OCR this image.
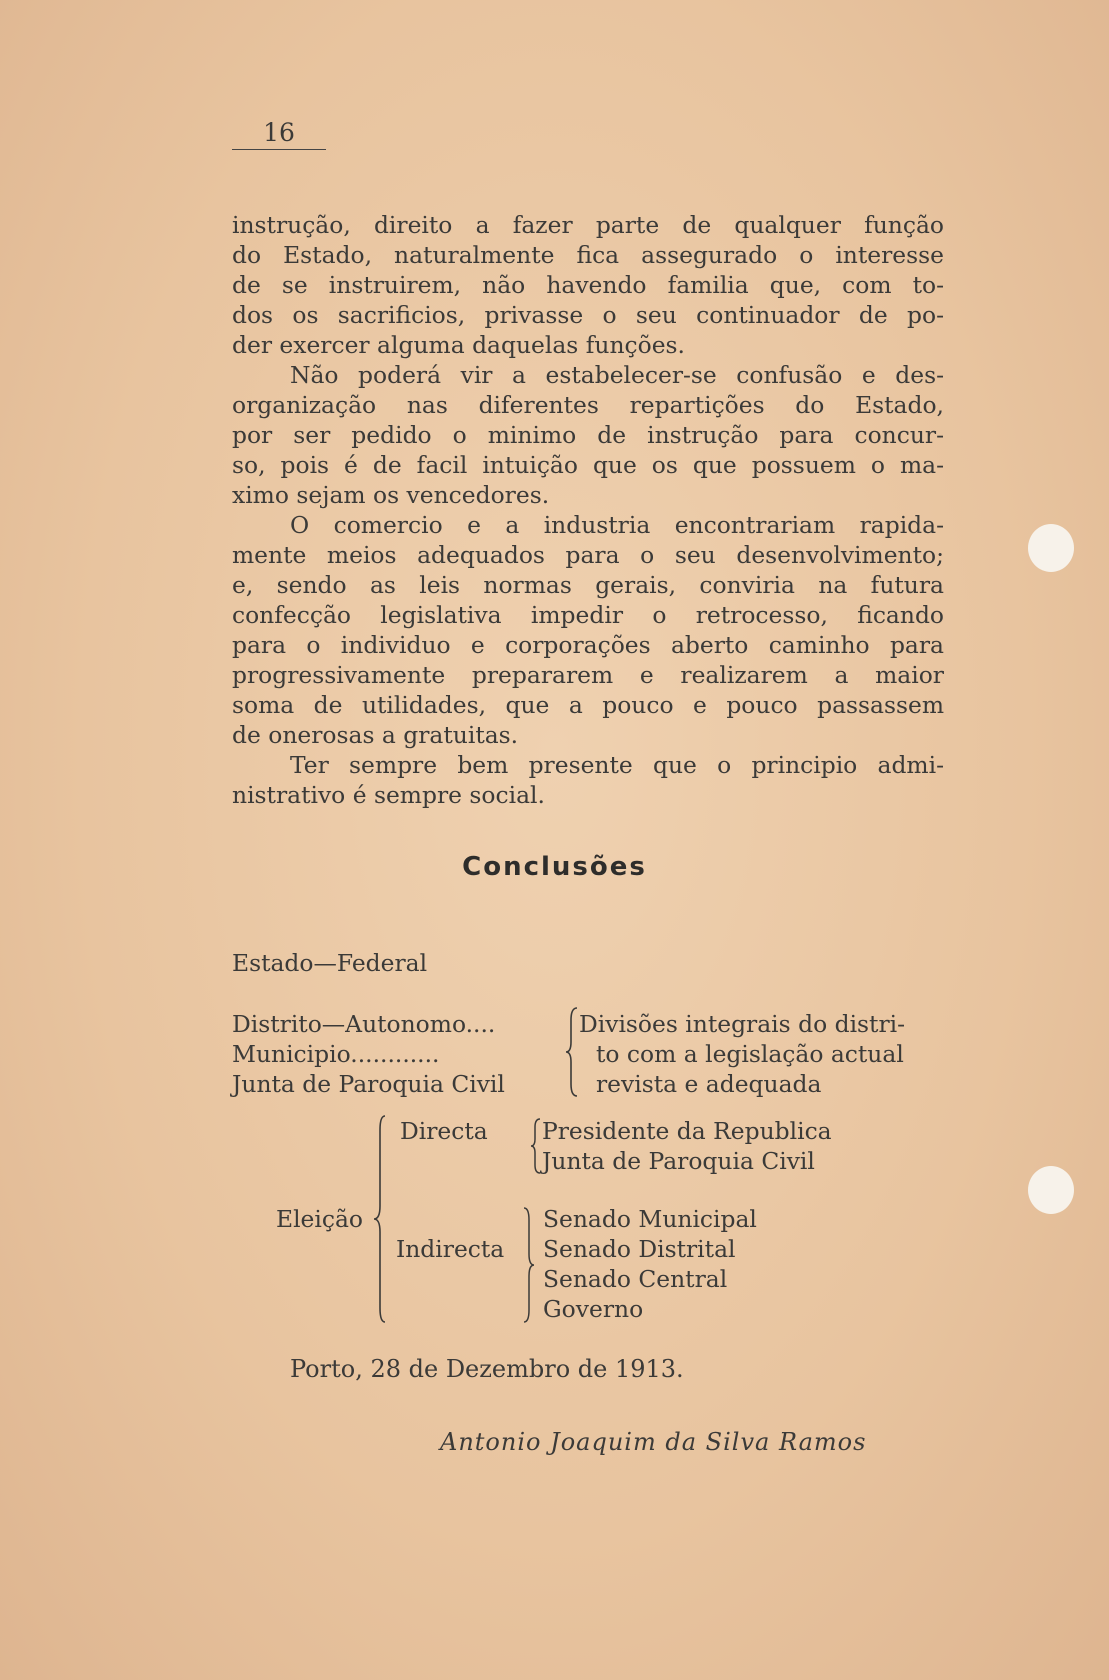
16
instrução, direito a fazer parte de qualquer função
do Estado, naturalmente fica assegurado o interesse
de se instruirem, não havendo familia que, com to-
dos os sacrificios, privasse o seu continuador de po-
der exercer alguma daquelas funções.
Não poderá vir a estabelecer-se confusão e des-
organização nas diferentes repartições do Estado,
por ser pedido o minimo de instrução para concur-
so, pois é de facil intuição que os que possuem o ma-
ximo sejam os vencedores.
O comercio e a industria encontrariam rapida-
mente meios adequados para o seu desenvolvimento;
e, sendo as leis normas gerais, conviria na futura
confecção legislativa impedir o retrocesso, ficando
para o individuo e corporações aberto caminho para
progressivamente prepararem e realizarem a maior
soma de utilidades, que a pouco e pouco passassem
de onerosas a gratuitas.
Ter sempre bem presente que o principio admi-
nistrativo é sempre social.
Conclusões
Estado—Federal
Distrito—Autonomo....
Municipio............
Junta de Paroquia Civil
Divisões integrais do distri-
to com a legislação actual
revista e adequada
Eleição
Directa Presidente da Republica
Junta de Paroquia Civil
Indirecta
Senado Municipal
Senado Distrital
Senado Central
Governo
Porto, 28 de Dezembro de 1913.
Antonio Joaquim da Silva Ramos
